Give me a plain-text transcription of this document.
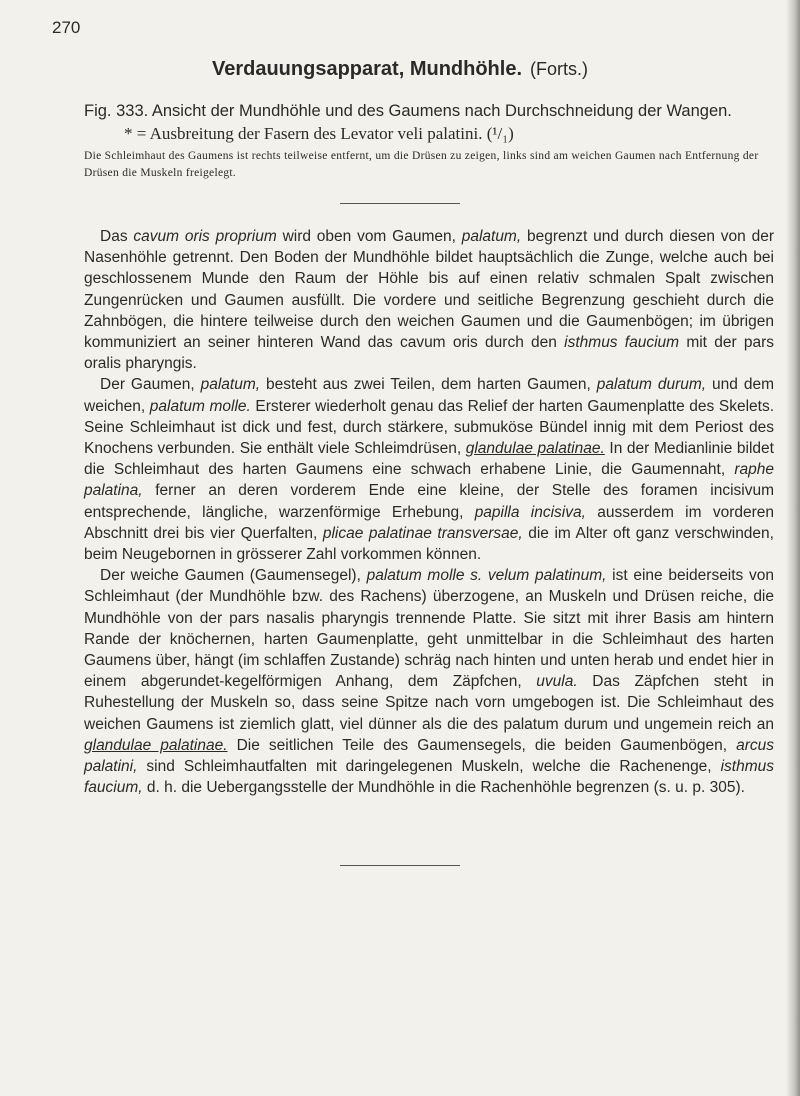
270
Verdauungsapparat, Mundhöhle. (Forts.)
Fig. 333. Ansicht der Mundhöhle und des Gaumens nach Durchschneidung der Wangen.
* = Ausbreitung der Fasern des Levator veli palatini. (¹/₁)
Die Schleimhaut des Gaumens ist rechts teilweise entfernt, um die Drüsen zu zeigen, links sind am weichen Gaumen nach Entfernung der Drüsen die Muskeln freigelegt.

Das cavum oris proprium wird oben vom Gaumen, palatum, begrenzt und durch diesen von der Nasenhöhle getrennt. Den Boden der Mundhöhle bildet hauptsächlich die Zunge, welche auch bei geschlossenem Munde den Raum der Höhle bis auf einen relativ schmalen Spalt zwischen Zungenrücken und Gaumen ausfüllt. Die vordere und seitliche Begrenzung geschieht durch die Zahnbögen, die hintere teilweise durch den weichen Gaumen und die Gaumenbögen; im übrigen kommuniziert an seiner hinteren Wand das cavum oris durch den isthmus faucium mit der pars oralis pharyngis.

Der Gaumen, palatum, besteht aus zwei Teilen, dem harten Gaumen, palatum durum, und dem weichen, palatum molle. Ersterer wiederholt genau das Relief der harten Gaumenplatte des Skelets. Seine Schleimhaut ist dick und fest, durch stärkere, submuköse Bündel innig mit dem Periost des Knochens verbunden. Sie enthält viele Schleimdrüsen, glandulae palatinae. In der Medianlinie bildet die Schleimhaut des harten Gaumens eine schwach erhabene Linie, die Gaumennaht, raphe palatina, ferner an deren vorderem Ende eine kleine, der Stelle des foramen incisivum entsprechende, längliche, warzenförmige Erhebung, papilla incisiva, ausserdem im vorderen Abschnitt drei bis vier Querfalten, plicae palatinae transversae, die im Alter oft ganz verschwinden, beim Neugebornen in grösserer Zahl vorkommen können.

Der weiche Gaumen (Gaumensegel), palatum molle s. velum palatinum, ist eine beiderseits von Schleimhaut (der Mundhöhle bzw. des Rachens) überzogene, an Muskeln und Drüsen reiche, die Mundhöhle von der pars nasalis pharyngis trennende Platte. Sie sitzt mit ihrer Basis am hintern Rande der knöchernen, harten Gaumenplatte, geht unmittelbar in die Schleimhaut des harten Gaumens über, hängt (im schlaffen Zustande) schräg nach hinten und unten herab und endet hier in einem abgerundet-kegelförmigen Anhang, dem Zäpfchen, uvula. Das Zäpfchen steht in Ruhestellung der Muskeln so, dass seine Spitze nach vorn umgebogen ist. Die Schleimhaut des weichen Gaumens ist ziemlich glatt, viel dünner als die des palatum durum und ungemein reich an glandulae palatinae. Die seitlichen Teile des Gaumensegels, die beiden Gaumenbögen, arcus palatini, sind Schleimhautfalten mit daringelegenen Muskeln, welche die Rachenenge, isthmus faucium, d. h. die Uebergangsstelle der Mundhöhle in die Rachenhöhle begrenzen (s. u. p. 305).
